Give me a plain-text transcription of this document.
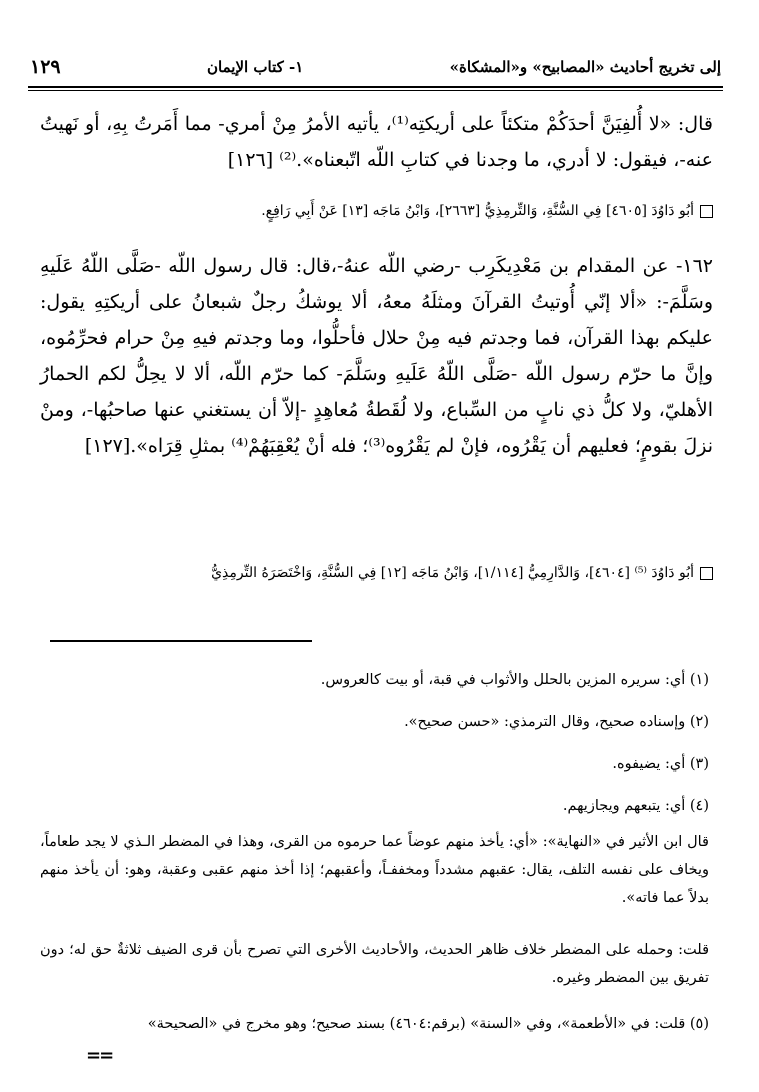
إلى تخريج أحاديث «المصابيح» و«المشكاة»
١- كتاب الإيمان
١٢٩
قال: «لا أُلفِيَنَّ أحدَكُمْ متكئاً على أريكتِه⁽¹⁾، يأتيه الأمرُ مِنْ أمري- مما أَمَرتُ بِهِ، أو نَهيتُ عنه-، فيقول: لا أدري، ما وجدنا في كتابِ اللّه اتّبعناه».⁽²⁾ [١٢٦]
أبُو دَاوُدَ [٤٦٠٥] فِي السُّنَّةِ، وَالتِّرمِذِيُّ [٢٦٦٣]، وَابْنُ مَاجَه [١٣] عَنْ أَبِي رَافِعٍ.
١٦٢- عن المقدام بن مَعْدِيكَرِب -رضي اللّه عنهُ-،قال: قال رسول اللّه -صَلَّى اللّهُ عَلَيهِ وسَلَّمَ-: «ألا إنّي أُوتيتُ القرآنَ ومثلَهُ معهُ، ألا يوشكُ رجلٌ شبعانُ على أريكتِهِ يقول: عليكم بهذا القرآن، فما وجدتم فيه مِنْ حلال فأحلُّوا، وما وجدتم فيهِ مِنْ حرام فحرِّمُوه، وإنَّ ما حرّم رسول اللّه -صَلَّى اللّهُ عَلَيهِ وسَلَّمَ- كما حرّم اللّه، ألا لا يحِلُّ لكم الحمارُ الأهليّ، ولا كلُّ ذي نابٍ من السِّباع، ولا لُقَطةُ مُعاهِدٍ -إلاّ أن يستغني عنها صاحبُها-، ومنْ نزلَ بقومٍ؛ فعليهم أن يَقْرُوه، فإنْ لم يَقْرُوه⁽³⁾؛ فله أنْ يُعْقِبَهُمْ⁽⁴⁾ بمثلِ قِرَاه».[١٢٧]
أبُو دَاوُدَ ⁽⁵⁾ [٤٦٠٤]، وَالدَّارِمِيُّ [١/١١٤]، وَابْنُ مَاجَه [١٢] فِي السُّنَّةِ، وَاخْتَصَرَهُ التِّرمِذِيُّ
(١) أي: سريره المزين بالحلل والأثواب في قبة، أو بيت كالعروس.
(٢) وإسناده صحيح، وقال الترمذي: «حسن صحيح».
(٣) أي: يضيفوه.
(٤) أي: يتبعهم ويجازيهم.
قال ابن الأثير في «النهاية»: «أي: يأخذ منهم عوضاً عما حرموه من القرى، وهذا في المضطر الـذي لا يجد طعاماً، ويخاف على نفسه التلف، يقال: عقبهم مشدداً ومخففـاً، وأعقبهم؛ إذا أخذ منهم عقبى وعقبة، وهو: أن يأخذ منهم بدلاً عما فاته».
قلت: وحمله على المضطر خلاف ظاهر الحديث، والأحاديث الأخرى التي تصرح بأن قرى الضيف ثلاثةٌ حق له؛ دون تفريق بين المضطر وغيره.
(٥) قلت: في «الأطعمة»، وفي «السنة» (برقم:٤٦٠٤) بسند صحيح؛ وهو مخرج في «الصحيحة»
==
